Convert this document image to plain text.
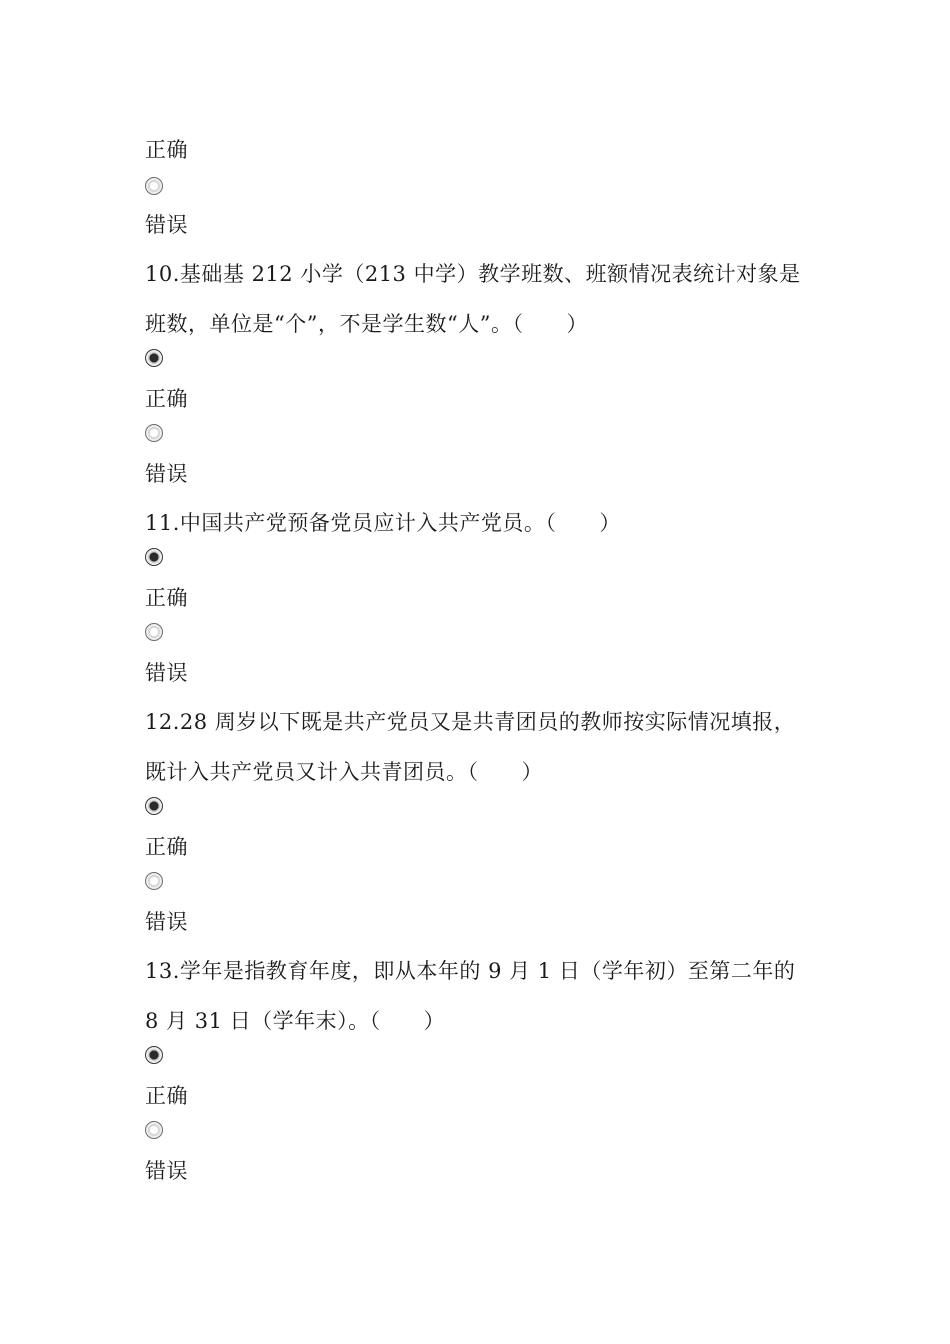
正确
错误
10.基础基 212 小学（213 中学）教学班数、班额情况表统计对象是
班数，单位是“个”，不是学生数“人”。（　　）
正确
错误
11.中国共产党预备党员应计入共产党员。（　　）
正确
错误
12.28 周岁以下既是共产党员又是共青团员的教师按实际情况填报，
既计入共产党员又计入共青团员。（　　）
正确
错误
13.学年是指教育年度，即从本年的 9 月 1 日（学年初）至第二年的
8 月 31 日（学年末）。（　　）
正确
错误
